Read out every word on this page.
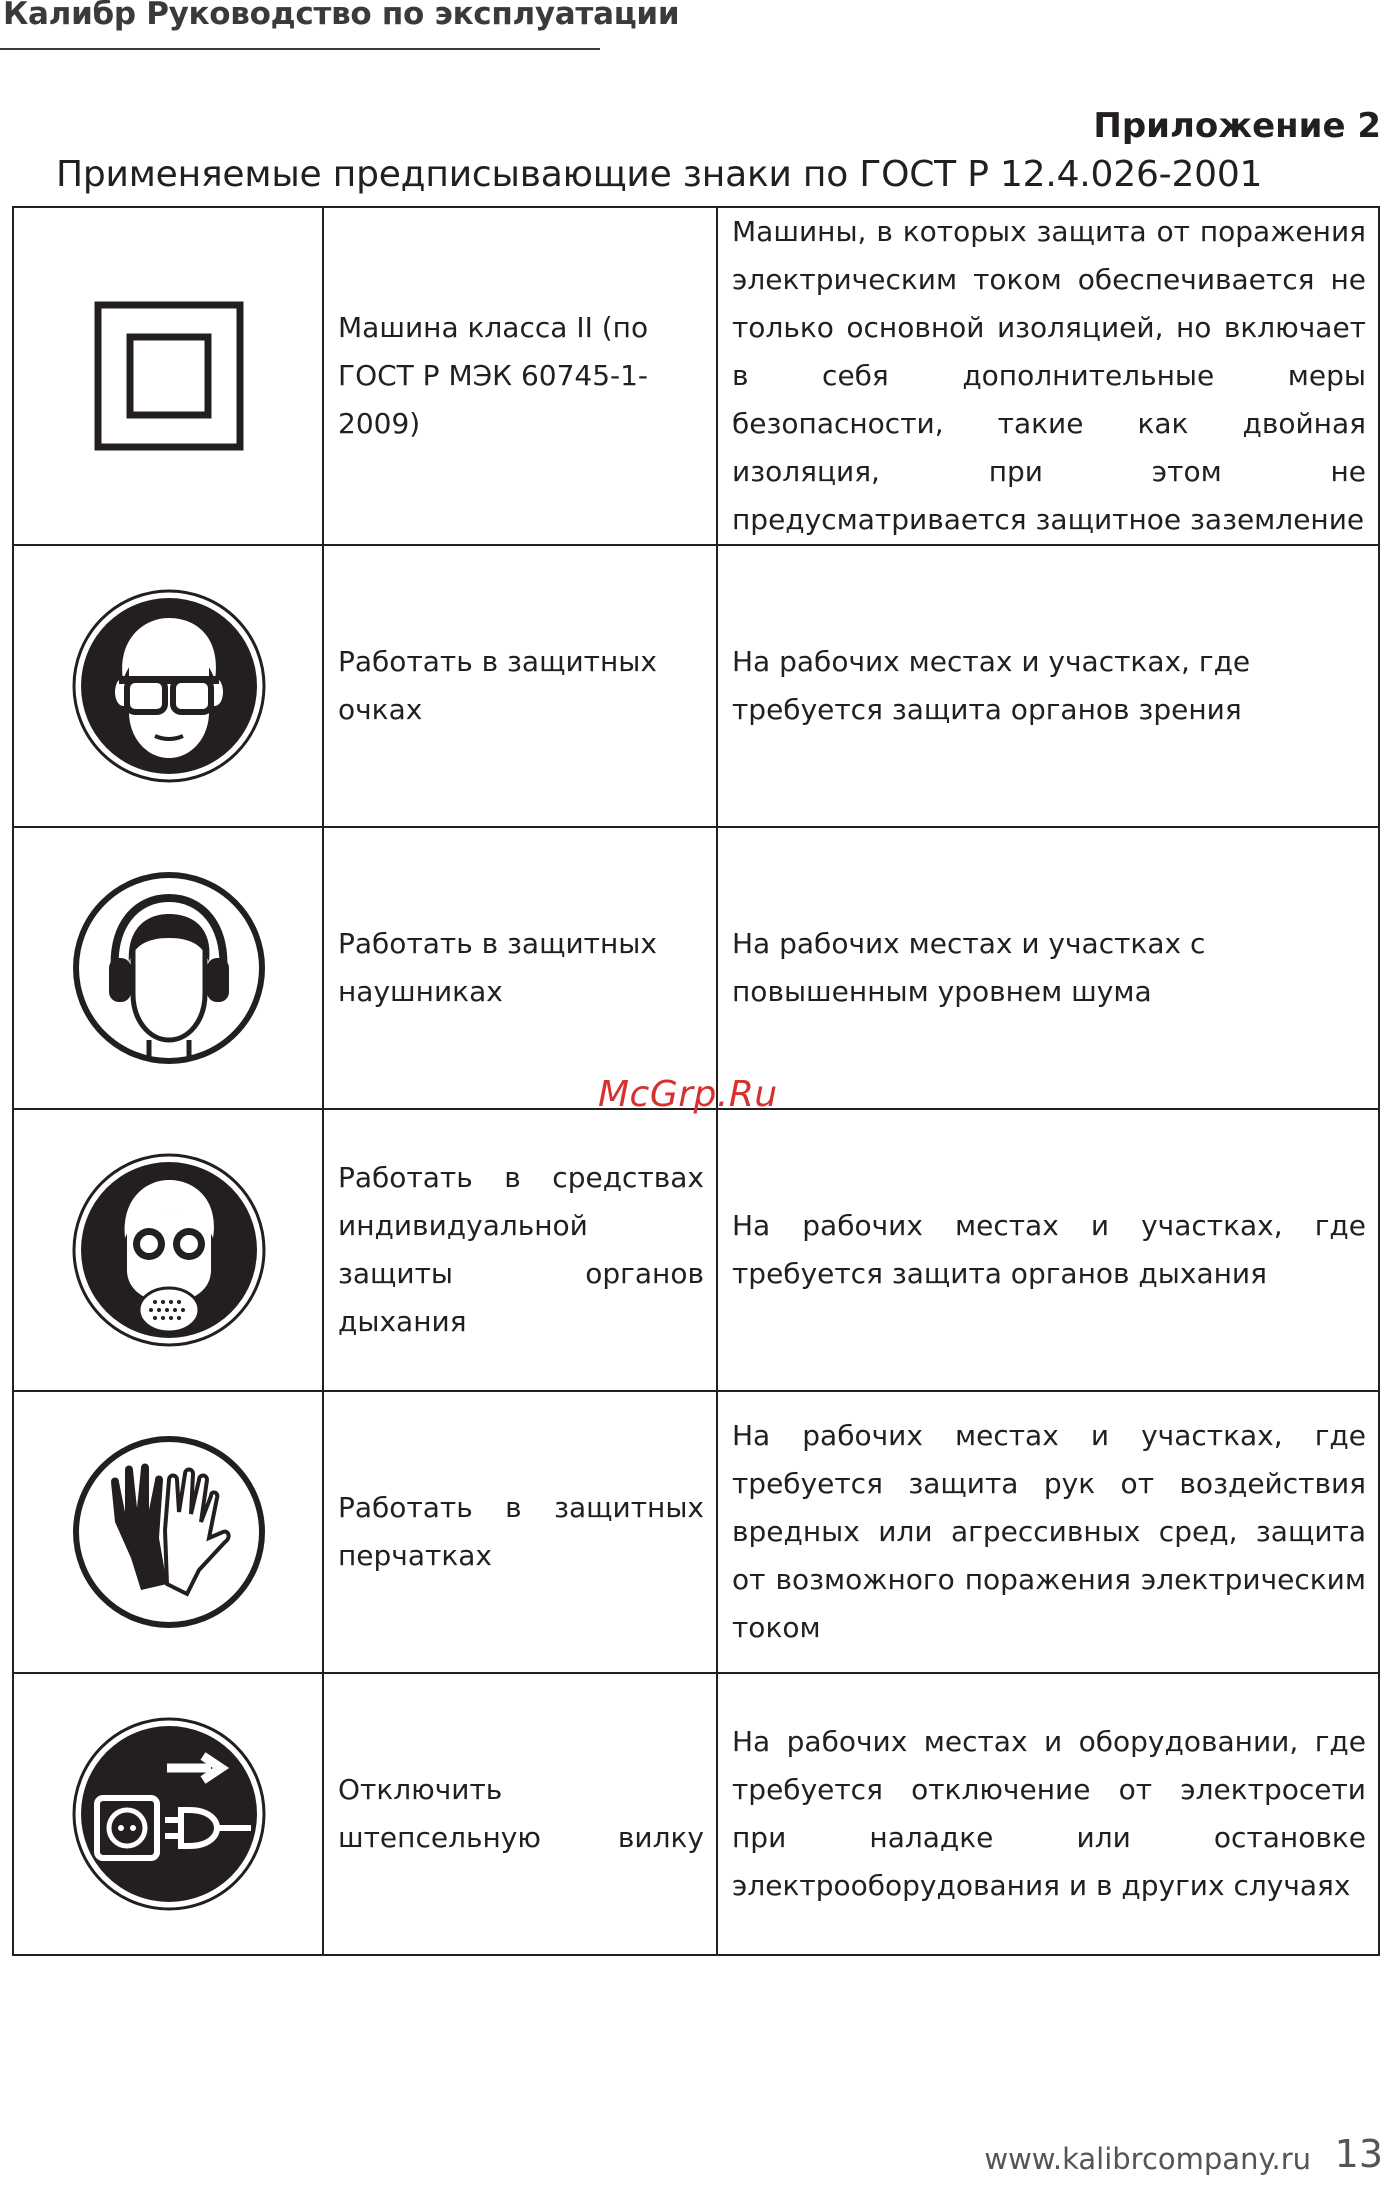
Калибр Руководство по эксплуатации
Приложение 2
Применяемые предписывающие знаки по ГОСТ Р 12.4.026-2001
	Машина класса II (по ГОСТ Р МЭК 60745-1-2009)	Машины, в которых защита от поражения электрическим током обеспечивается не только основной изоляцией, но включает в себя дополнительные меры безопасности, такие как двойная изоляция, при этом не предусматривается защитное заземление

	Работать в защитных очках	На рабочих местах и участках, где требуется защита органов зрения

	Работать в защитных наушниках	На рабочих местах и участках с повышенным уровнем шума

	Работать в средствах индивидуальной защиты органов дыхания	На рабочих местах и участках, где требуется защита органов дыхания

	Работать в защитных перчатках	На рабочих местах и участках, где требуется защита рук от воздействия вредных или агрессивных сред, защита от возможного поражения электрическим током

	Отключить штепсельную вилку	На рабочих местах и оборудовании, где требуется отключение от электросети при наладке или остановке электрооборудования и в других случаях
McGrp.Ru
www.kalibrcompany.ru 13
